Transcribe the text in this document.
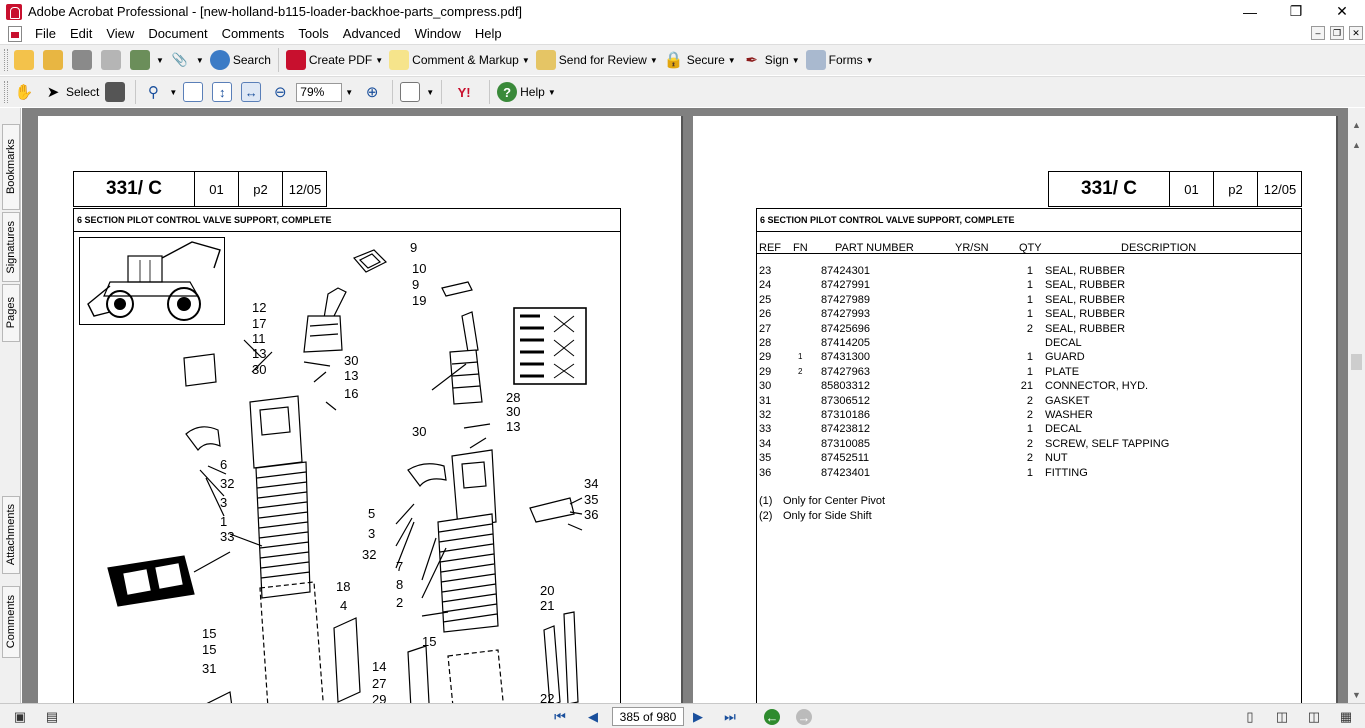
Adobe Acrobat Professional - [new-holland-b115-loader-backhoe-parts_compress.pdf]	—	❐	✕
File	Edit	View	Document	Comments	Tools	Advanced	Window	Help	–	❐	✕
▼ 📎 ▼ Search	Create PDF ▼ Comment & Markup ▼ Send for Review ▼ 🔒 Secure ▼ ✒ Sign ▼ Forms ▼
✋ ➤ Select	⚲	▼	↕	↔ ⊖
79%	▼ ⊕	▼	Y!	? Help ▼
Bookmarks
Signatures
Pages
Attachments
Comments
331/ C	01	p2	12/05
6 SECTION PILOT CONTROL VALVE SUPPORT, COMPLETE
9
10
9
19
12
17
11
13	30
30	13
16	28
30
13
30
6
32
3
1
33
5
3
32
7
8
2
34
35
36
18
4
15
15
31	14
27
29
15
20
21
22
331/ C	01	p2	12/05
6 SECTION PILOT CONTROL VALVE SUPPORT, COMPLETE
REF FN PART NUMBER	YR/SN	QTY	DESCRIPTION
23	87424301	1 SEAL, RUBBER
24	87427991	1 SEAL, RUBBER
25	87427989	1 SEAL, RUBBER
26	87427993	1 SEAL, RUBBER
27	87425696	2 SEAL, RUBBER
28	87414205	DECAL
29	1 87431300	1 GUARD
29	2 87427963	1 PLATE
30	85803312	21 CONNECTOR, HYD.
31	87306512	2 GASKET
32	87310186	2 WASHER
33	87423812	1 DECAL
34	87310085	2 SCREW, SELF TAPPING
35	87452511	2 NUT
36	87423401	1 FITTING
(1) Only for Center Pivot
(2) Only for Side Shift
▲
▲
▼
▣ ▤	⏮ ◀
385 of 980	▶ ⏭ ← →	▯	◫ ◫ ▦
